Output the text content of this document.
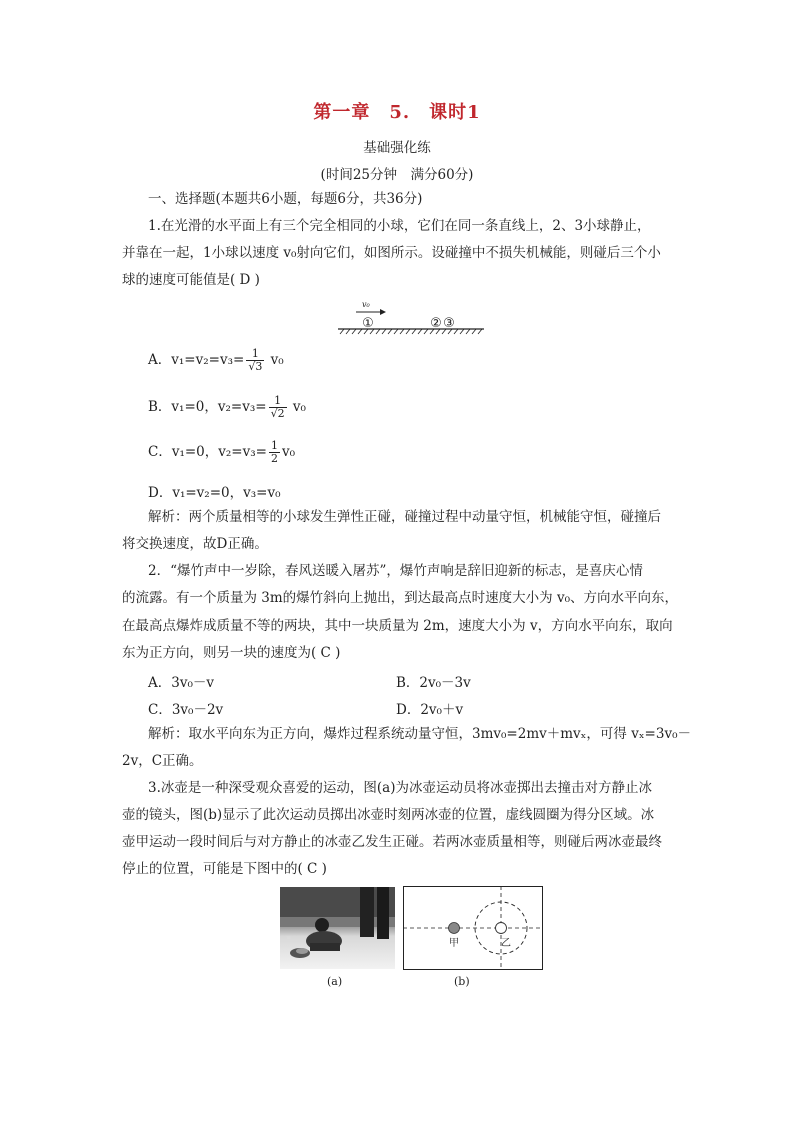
第一章　5.　课时1
基础强化练
(时间25分钟　满分60分)
一、选择题(本题共6小题，每题6分，共36分)
1.在光滑的水平面上有三个完全相同的小球，它们在同一条直线上，2、3小球静止，
并靠在一起，1小球以速度 v₀射向它们，如图所示。设碰撞中不损失机械能，则碰后三个小
球的速度可能值是( D )
v₀
①	② ③
A．$v_1=v_2=v_3= \frac{1}{√3} v_0$
B．v₁=0，$v_2=v_3= \frac{1}{√2} v_0$
C．v₁=0，$v_2=v_3= \frac{1}{2} v_0$
D．v₁=v₂=0，v₃=v₀
解析：两个质量相等的小球发生弹性正碰，碰撞过程中动量守恒，机械能守恒，碰撞后
将交换速度，故D正确。
2．“爆竹声中一岁除，春风送暖入屠苏”，爆竹声响是辞旧迎新的标志，是喜庆心情
的流露。有一个质量为 3m的爆竹斜向上抛出，到达最高点时速度大小为 v₀、方向水平向东，
在最高点爆炸成质量不等的两块，其中一块质量为 2m，速度大小为 v，方向水平向东，取向
东为正方向，则另一块的速度为( C )
A．3v₀－v	B．2v₀－3v
C．3v₀－2v	D．2v₀＋v
解析：取水平向东为正方向，爆炸过程系统动量守恒，3mv₀=2mv＋mvₓ，可得 vₓ=3v₀－
2v，C正确。
3.冰壶是一种深受观众喜爱的运动，图(a)为冰壶运动员将冰壶掷出去撞击对方静止冰
壶的镜头，图(b)显示了此次运动员掷出冰壶时刻两冰壶的位置，虚线圆圈为得分区域。冰
壶甲运动一段时间后与对方静止的冰壶乙发生正碰。若两冰壶质量相等，则碰后两冰壶最终
停止的位置，可能是下图中的( C )
≡
(a)
甲	乙
(b)
